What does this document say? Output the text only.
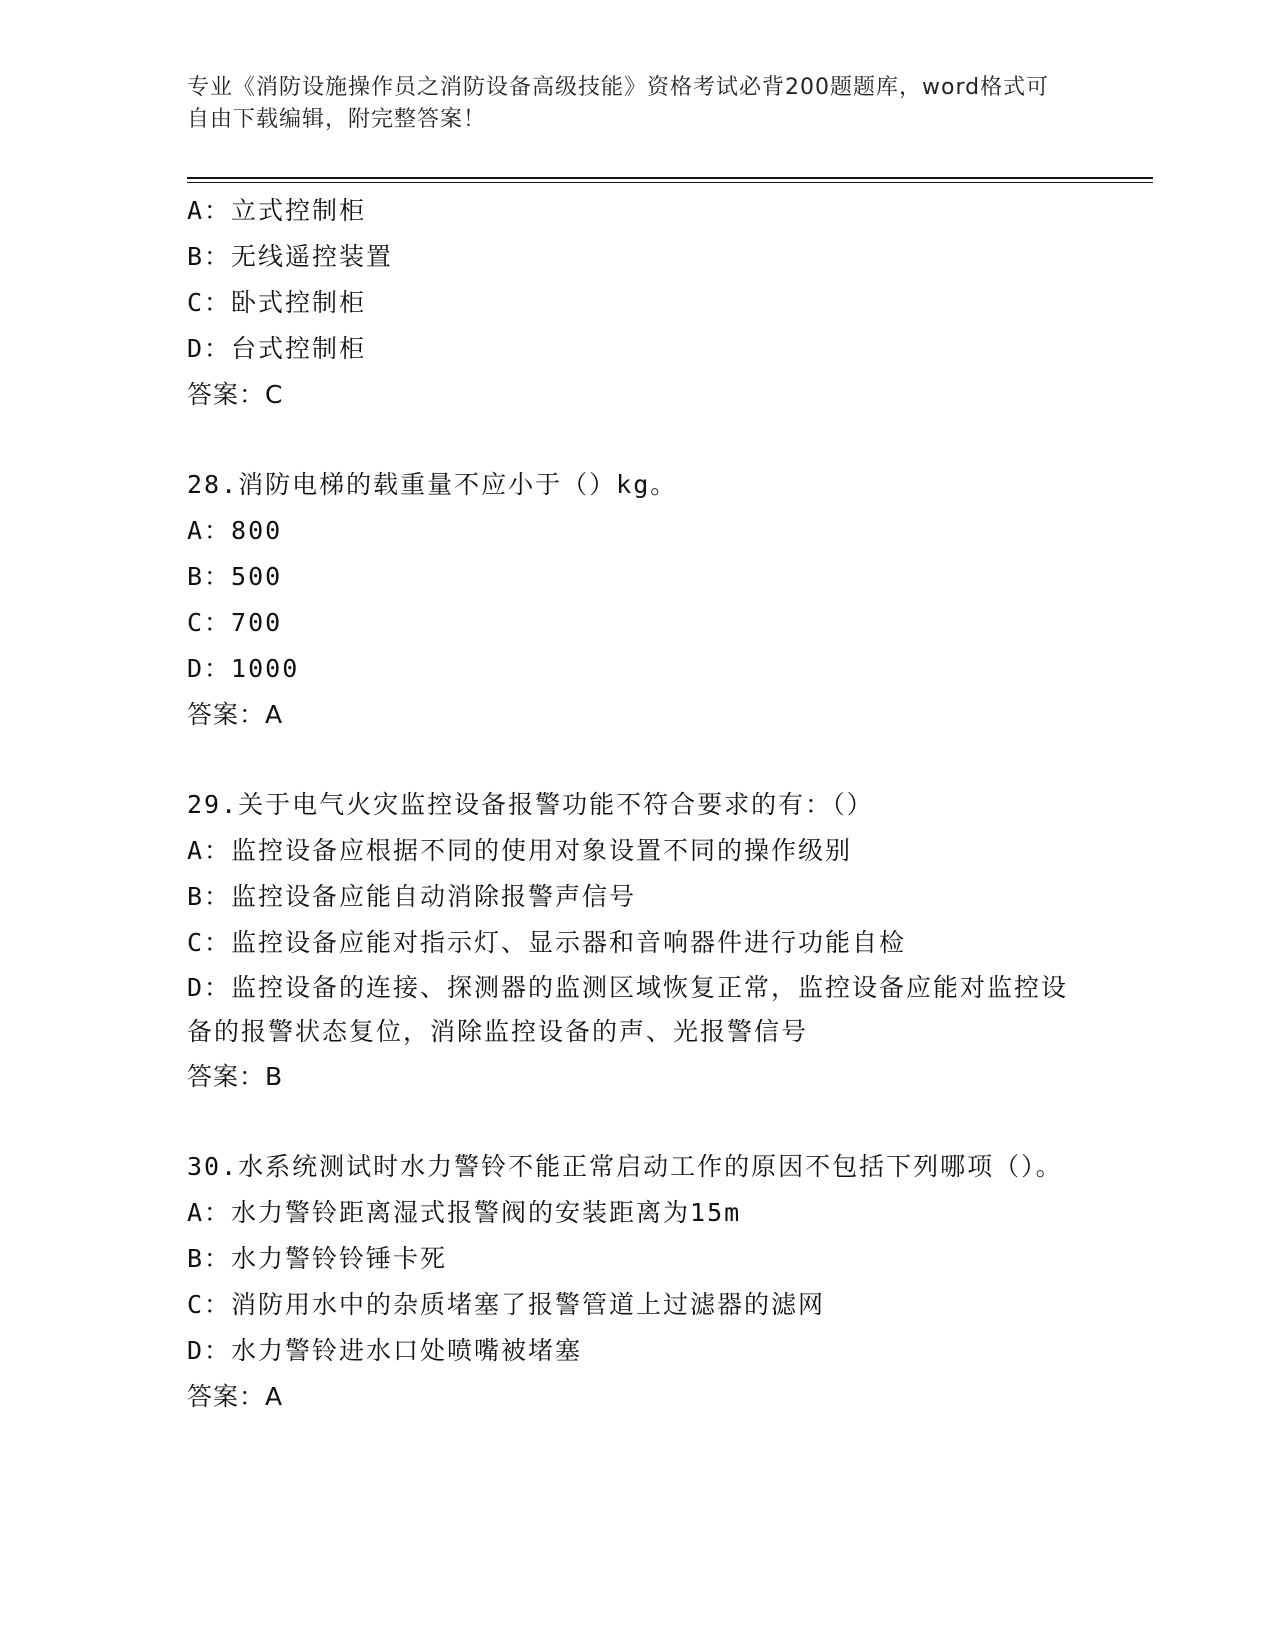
专业《消防设施操作员之消防设备高级技能》资格考试必背200题题库，word格式可自由下载编辑，附完整答案！
A：立式控制柜
B：无线遥控装置
C：卧式控制柜
D：台式控制柜
答案：C
28.消防电梯的载重量不应小于（）kg。
A：800
B：500
C：700
D：1000
答案：A
29.关于电气火灾监控设备报警功能不符合要求的有：（）
A：监控设备应根据不同的使用对象设置不同的操作级别
B：监控设备应能自动消除报警声信号
C：监控设备应能对指示灯、显示器和音响器件进行功能自检
D：监控设备的连接、探测器的监测区域恢复正常，监控设备应能对监控设备的报警状态复位，消除监控设备的声、光报警信号
答案：B
30.水系统测试时水力警铃不能正常启动工作的原因不包括下列哪项（）。
A：水力警铃距离湿式报警阀的安装距离为15m
B：水力警铃铃锤卡死
C：消防用水中的杂质堵塞了报警管道上过滤器的滤网
D：水力警铃进水口处喷嘴被堵塞
答案：A
